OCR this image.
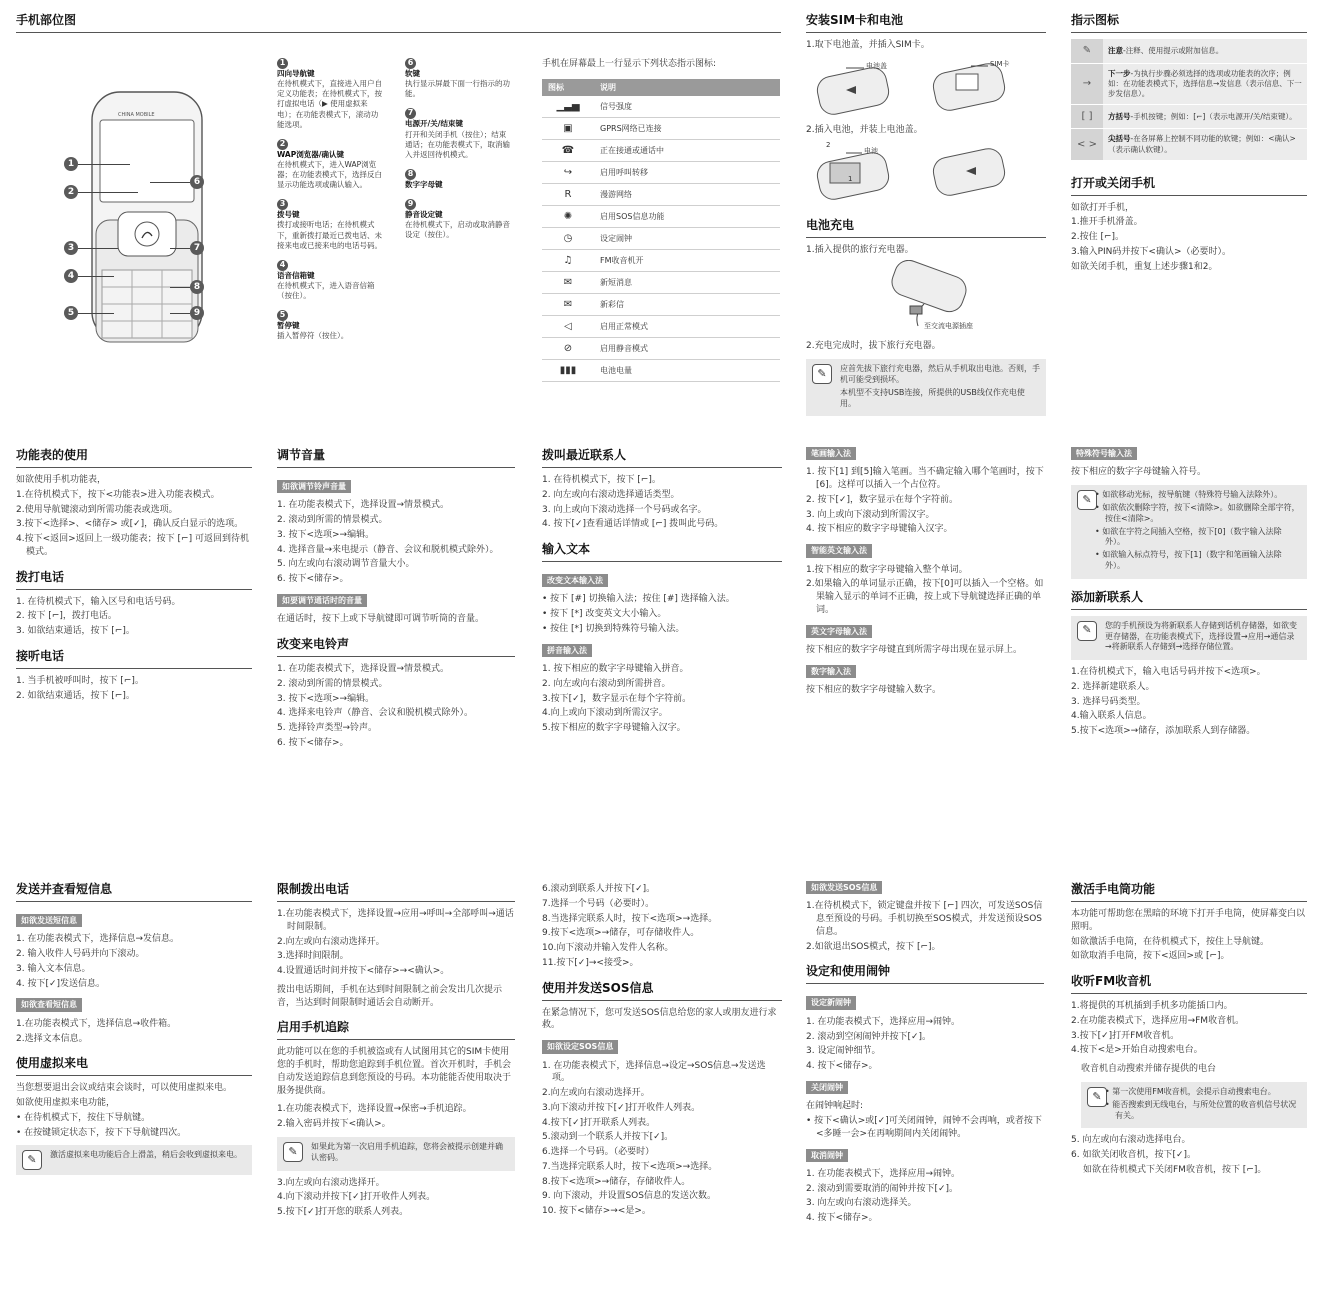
手机部位图
CHINA MOBILE
1
2
3
4
5
6
7
8
9
1
四向导航键
在待机模式下，直接进入用户自定义功能表；在待机模式下，按打虚拟电话（▶ 使用虚拟来电）；在功能表模式下，滚动功能选项。
2
WAP浏览器/确认键
在待机模式下，进入WAP浏览器；在功能表模式下，选择反白显示功能选项或确认输入。
3
拨号键
拨打或接听电话；在待机模式下，重新拨打最近已拨电话、未接来电或已接来电的电话号码。
4
语音信箱键
在待机模式下，进入语音信箱（按住）。
5
暂停键
插入暂停符（按住）。
6
软键
执行显示屏最下面一行指示的功能。
7
电源开/关/结束键
打开和关闭手机（按住）；结束通话；在功能表模式下，取消输入并返回待机模式。
8
数字字母键

9
静音设定键
在待机模式下，启动或取消静音设定（按住）。
手机在屏幕最上一行显示下列状态指示图标:
图标	说明
▁▃▅	信号强度
▣	GPRS网络已连接
☎	正在接通或通话中
↪	启用呼叫转移
R	漫游网络
✺	启用SOS信息功能
◷	设定闹钟
♫	FM收音机开
✉	新短消息
✉	新彩信
◁	启用正常模式
⊘	启用静音模式
▮▮▮	电池电量
安装SIM卡和电池
1.取下电池盖，并插入SIM卡。
电池盖	SIM卡
2.插入电池，并装上电池盖。
电池
2
1
电池充电
1.插入提供的旅行充电器。
至交流电源插座
2.充电完成时，拔下旅行充电器。
✎	应首先拔下旅行充电器，然后从手机取出电池。否则，手机可能受到损坏。
本机型不支持USB连接，所提供的USB线仅作充电使用。
指示图标
✎	注意-注释、使用提示或附加信息。
→	下一步-为执行步骤必须选择的选项或功能表的次序；例如：在功能表模式下，选择信息→发信息（表示信息、下一步发信息）。
[ ]	方括号-手机按键；例如：[⌐]（表示电源开/关/结束键）。
< >	尖括号-在各屏幕上控制不同功能的软键；例如：<确认>（表示确认软键）。
打开或关闭手机
如欲打开手机，
1.推开手机滑盖。
2.按住 [⌐]。
3.输入PIN码并按下<确认>（必要时）。
如欲关闭手机，重复上述步骤1和2。
功能表的使用
如欲使用手机功能表，
1.在待机模式下，按下<功能表>进入功能表模式。
2.使用导航键滚动到所需功能表或选项。
3.按下<选择>、<储存> 或[✓]，确认反白显示的选项。
4.按下<返回>返回上一级功能表；按下 [⌐] 可返回到待机模式。
拨打电话
1. 在待机模式下，输入区号和电话号码。
2. 按下 [⌐]，拨打电话。
3. 如欲结束通话，按下 [⌐]。
接听电话
1. 当手机被呼叫时，按下 [⌐]。
2. 如欲结束通话，按下 [⌐]。
调节音量
如欲调节铃声音量
1. 在功能表模式下，选择设置→情景模式。
2. 滚动到所需的情景模式。
3. 按下<选项>→编辑。
4. 选择音量→来电提示（静音、会议和脱机模式除外）。
5. 向左或向右滚动调节音量大小。
6. 按下<储存>。
如要调节通话时的音量
在通话时，按下上或下导航键即可调节听筒的音量。
改变来电铃声
1. 在功能表模式下，选择设置→情景模式。
2. 滚动到所需的情景模式。
3. 按下<选项>→编辑。
4. 选择来电铃声（静音、会议和脱机模式除外）。
5. 选择铃声类型→铃声。
6. 按下<储存>。
拨叫最近联系人
1. 在待机模式下，按下 [⌐]。
2. 向左或向右滚动选择通话类型。
3. 向上或向下滚动选择一个号码或名字。
4. 按下[✓]查看通话详情或 [⌐] 拨叫此号码。
输入文本
改变文本输入法
• 按下 [#] 切换输入法；按住 [#] 选择输入法。
• 按下 [*] 改变英文大小输入。
• 按住 [*] 切换到特殊符号输入法。
拼音输入法
1. 按下相应的数字字母键输入拼音。
2. 向左或向右滚动到所需拼音。
3.按下[✓]，数字显示在每个字符前。
4.向上或向下滚动到所需汉字。
5.按下相应的数字字母键输入汉字。
笔画输入法
1. 按下[1] 到[5]输入笔画。当不确定输入哪个笔画时，按下[6]。这样可以插入一个占位符。
2. 按下[✓]，数字显示在每个字符前。
3. 向上或向下滚动到所需汉字。
4. 按下相应的数字字母键输入汉字。
智能英文输入法
1.按下相应的数字字母键输入整个单词。
2.如果输入的单词显示正确，按下[0]可以插入一个空格。如果输入显示的单词不正确，按上或下导航键选择正确的单词。
英文字母输入法
按下相应的数字字母键直到所需字母出现在显示屏上。
数字输入法
按下相应的数字字母键输入数字。
特殊符号输入法
按下相应的数字字母键输入符号。
✎ • 如欲移动光标，按导航键（特殊符号输入法除外）。
• 如欲依次删除字符，按下<清除>。如欲删除全部字符，按住<清除>。
• 如欲在字符之间插入空格，按下[0]（数字输入法除外）。
• 如欲输入标点符号，按下[1]（数字和笔画输入法除外）。
添加新联系人
✎	您的手机预设为将新联系人存储到话机存储器，如欲变更存储器，在功能表模式下，选择设置→应用→通信录→将新联系人存储到→选择存储位置。
1.在待机模式下，输入电话号码并按下<选项>。
2. 选择新建联系人。
3. 选择号码类型。
4.输入联系人信息。
5.按下<选项>→储存，添加联系人到存储器。
发送并查看短信息
如欲发送短信息
1. 在功能表模式下，选择信息→发信息。
2. 输入收件人号码并向下滚动。
3. 输入文本信息。
4. 按下[✓]发送信息。
如欲查看短信息
1.在功能表模式下，选择信息→收件箱。
2.选择文本信息。
使用虚拟来电
当您想要退出会议或结束会谈时，可以使用虚拟来电。
如欲使用虚拟来电功能，
• 在待机模式下，按住下导航键。
• 在按键锁定状态下，按下下导航键四次。
✎	激活虚拟来电功能后合上滑盖，稍后会收到虚拟来电。
限制拨出电话
1.在功能表模式下，选择设置→应用→呼叫→全部呼叫→通话时间限制。
2.向左或向右滚动选择开。
3.选择时间限制。
4.设置通话时间并按下<储存>→<确认>。
拨出电话期间，手机在达到时间限制之前会发出几次提示音，当达到时间限制时通话会自动断开。
启用手机追踪
此功能可以在您的手机被盗或有人试图用其它的SIM卡使用您的手机时，帮助您追踪到手机位置。首次开机时，手机会自动发送追踪信息到您预设的号码。本功能能否使用取决于服务提供商。
1.在功能表模式下，选择设置→保密→手机追踪。
2.输入密码并按下<确认>。
✎	如果此为第一次启用手机追踪，您将会被提示创建并确认密码。
3.向左或向右滚动选择开。
4.向下滚动并按下[✓]打开收件人列表。
5.按下[✓]打开您的联系人列表。
6.滚动到联系人并按下[✓]。
7.选择一个号码（必要时）。
8.当选择完联系人时，按下<选项>→选择。
9.按下<选项>→储存，可存储收件人。
10.向下滚动并输入发件人名称。
11.按下[✓]→<接受>。
使用并发送SOS信息
在紧急情况下，您可发送SOS信息给您的家人或朋友进行求救。
如欲设定SOS信息
1. 在功能表模式下，选择信息→设定→SOS信息→发送选项。
2.向左或向右滚动选择开。
3.向下滚动并按下[✓]打开收件人列表。
4.按下[✓]打开联系人列表。
5.滚动到一个联系人并按下[✓]。
6.选择一个号码。（必要时）
7.当选择完联系人时，按下<选项>→选择。
8.按下<选项>→储存，存储收件人。
9. 向下滚动，并设置SOS信息的发送次数。
10. 按下<储存>→<是>。
如欲发送SOS信息
1.在待机模式下，锁定键盘并按下 [⌐] 四次，可发送SOS信息至预设的号码。手机切换至SOS模式，并发送预设SOS信息。
2.如欲退出SOS模式，按下 [⌐]。
设定和使用闹钟
设定新闹钟
1. 在功能表模式下，选择应用→闹钟。
2. 滚动到空闲闹钟并按下[✓]。
3. 设定闹钟细节。
4. 按下<储存>。
关闭闹钟
在闹钟响起时:
• 按下<确认>或[✓]可关闭闹钟，闹钟不会再响，或者按下<多睡一会>在再响期间内关闭闹钟。
取消闹钟
1. 在功能表模式下，选择应用→闹钟。
2. 滚动到需要取消的闹钟并按下[✓]。
3. 向左或向右滚动选择关。
4. 按下<储存>。
激活手电筒功能
本功能可帮助您在黑暗的环境下打开手电筒，使屏幕变白以照明。
如欲激活手电筒，在待机模式下，按住上导航键。
如欲取消手电筒，按下<返回>或 [⌐]。
收听FM收音机
1.将提供的耳机插到手机多功能插口内。
2.在功能表模式下，选择应用→FM收音机。
3.按下[✓]打开FM收音机。
4.按下<是>开始自动搜索电台。
收音机自动搜索并储存提供的电台
✎ • 第一次使用FM收音机，会提示自动搜索电台。
• 能否搜索到无线电台，与所处位置的收音机信号状况有关。
5. 向左或向右滚动选择电台。
6. 如欲关闭收音机，按下[✓]。
如欲在待机模式下关闭FM收音机，按下 [⌐]。
